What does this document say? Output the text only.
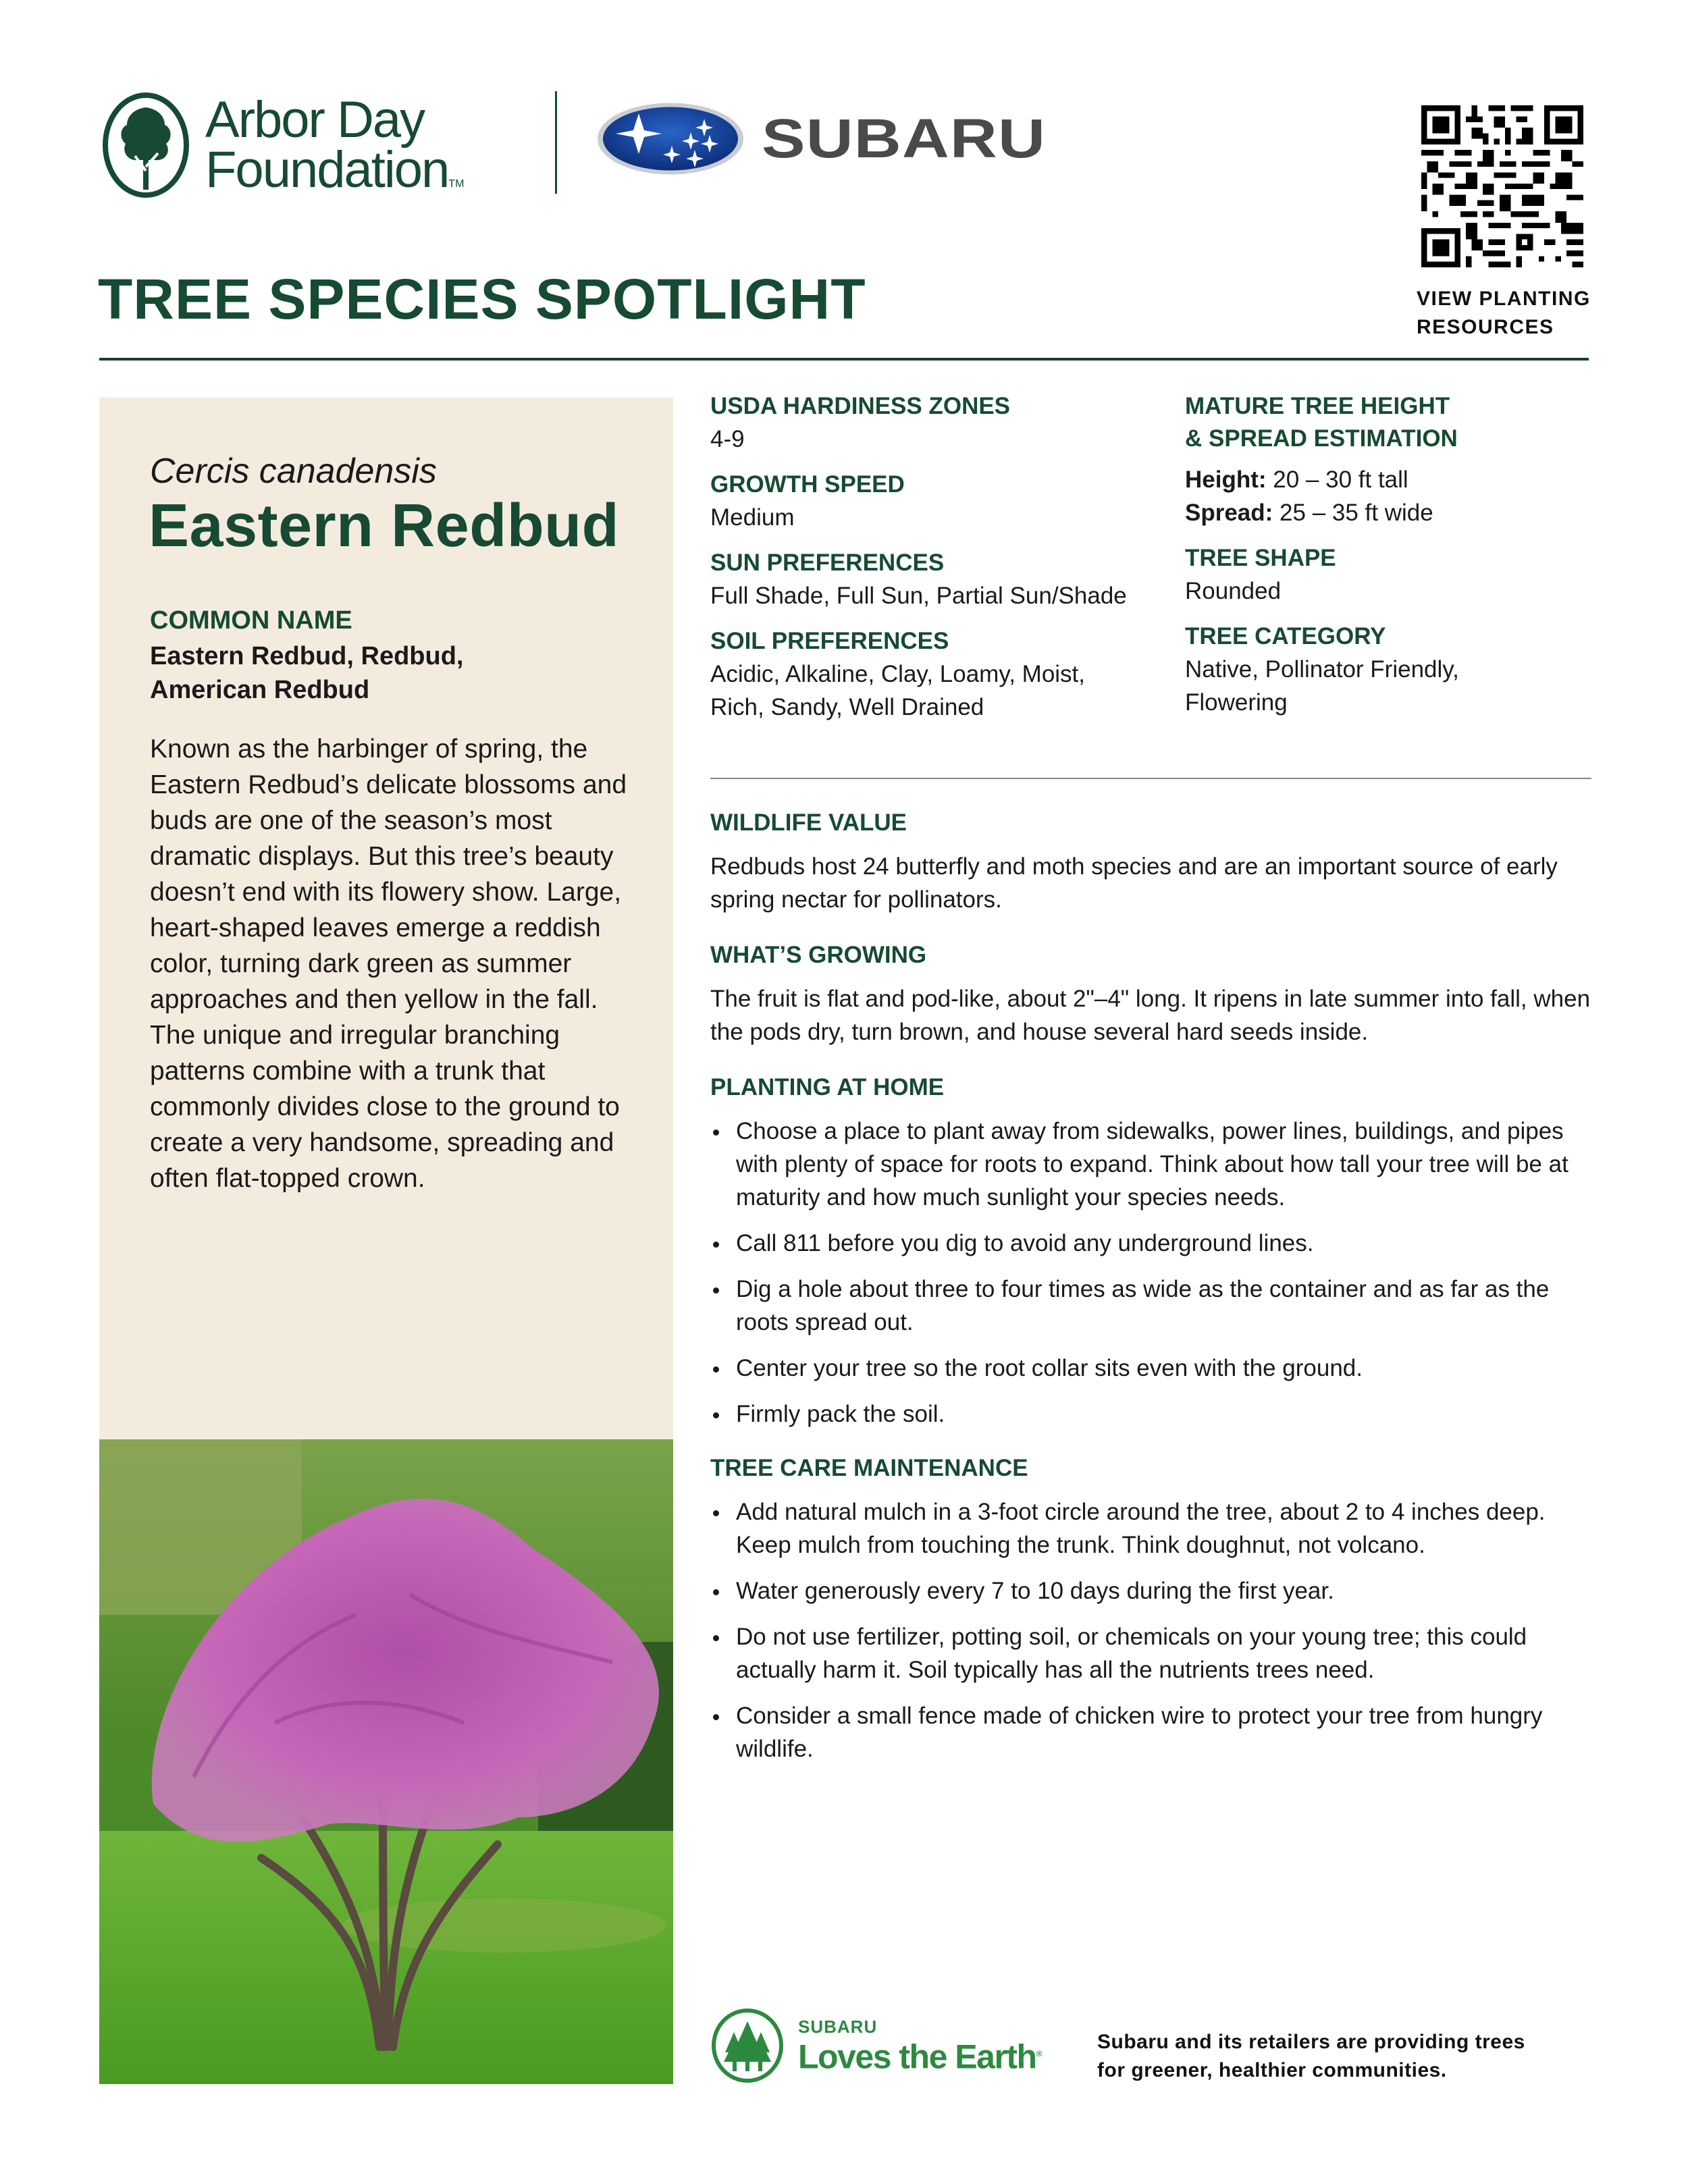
Arbor Day
FoundationTM
SUBARU
VIEW PLANTING
RESOURCES
TREE SPECIES SPOTLIGHT
Cercis canadensis
Eastern Redbud
COMMON NAME
Eastern Redbud, Redbud,
American Redbud
Known as the harbinger of spring, the Eastern Redbud’s delicate blossoms and buds are one of the season’s most dramatic displays. But this tree’s beauty doesn’t end with its flowery show. Large, heart-shaped leaves emerge a reddish color, turning dark green as summer approaches and then yellow in the fall. The unique and irregular branching patterns combine with a trunk that commonly divides close to the ground to create a very handsome, spreading and often flat-topped crown.
USDA HARDINESS ZONES
4-9
GROWTH SPEED
Medium
SUN PREFERENCES
Full Shade, Full Sun, Partial Sun/Shade
SOIL PREFERENCES
Acidic, Alkaline, Clay, Loamy, Moist,
Rich, Sandy, Well Drained
MATURE TREE HEIGHT
& SPREAD ESTIMATION
Height: 20 – 30 ft tall
Spread: 25 – 35 ft wide
TREE SHAPE
Rounded
TREE CATEGORY
Native, Pollinator Friendly,
Flowering
WILDLIFE VALUE
Redbuds host 24 butterfly and moth species and are an important source of early spring nectar for pollinators.
WHAT’S GROWING
The fruit is flat and pod-like, about 2"–4" long. It ripens in late summer into fall, when the pods dry, turn brown, and house several hard seeds inside.
PLANTING AT HOME
Choose a place to plant away from sidewalks, power lines, buildings, and pipes with plenty of space for roots to expand. Think about how tall your tree will be at maturity and how much sunlight your species needs.
Call 811 before you dig to avoid any underground lines.
Dig a hole about three to four times as wide as the container and as far as the roots spread out.
Center your tree so the root collar sits even with the ground.
Firmly pack the soil.
TREE CARE MAINTENANCE
Add natural mulch in a 3-foot circle around the tree, about 2 to 4 inches deep. Keep mulch from touching the trunk. Think doughnut, not volcano.
Water generously every 7 to 10 days during the first year.
Do not use fertilizer, potting soil, or chemicals on your young tree; this could actually harm it. Soil typically has all the nutrients trees need.
Consider a small fence made of chicken wire to protect your tree from hungry wildlife.
SUBARU
Loves the Earth®
Subaru and its retailers are providing trees
for greener, healthier communities.
